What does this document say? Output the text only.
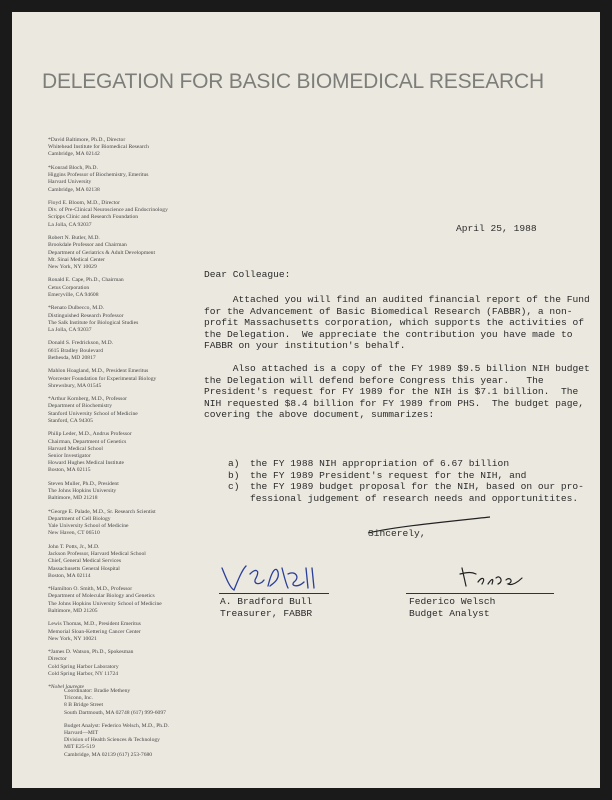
DELEGATION FOR BASIC BIOMEDICAL RESEARCH
*David Baltimore, Ph.D., Director
Whitehead Institute for Biomedical Research
Cambridge, MA 02142
*Konrad Bloch, Ph.D.
Higgins Professor of Biochemistry, Emeritus
Harvard University
Cambridge, MA 02138
Floyd E. Bloom, M.D., Director
Div. of Pre-Clinical Neuroscience and Endocrinology
Scripps Clinic and Research Foundation
La Jolla, CA 92037
Robert N. Butler, M.D.
Brookdale Professor and Chairman
Department of Geriatrics & Adult Development
Mt. Sinai Medical Center
New York, NY 10029
Ronald E. Cape, Ph.D., Chairman
Cetus Corporation
Emeryville, CA 94608
*Renato Dulbecco, M.D.
Distinguished Research Professor
The Salk Institute for Biological Studies
La Jolla, CA 92037
Donald S. Fredrickson, M.D.
6615 Bradley Boulevard
Bethesda, MD 20817
Mahlon Hoagland, M.D., President Emeritus
Worcester Foundation for Experimental Biology
Shrewsbury, MA 01545
*Arthur Kornberg, M.D., Professor
Department of Biochemistry
Stanford University School of Medicine
Stanford, CA 94305
Philip Leder, M.D., Andrus Professor
Chairman, Department of Genetics
Harvard Medical School
Senior Investigator
Howard Hughes Medical Institute
Boston, MA 02115
Steven Muller, Ph.D., President
The Johns Hopkins University
Baltimore, MD 21218
*George E. Palade, M.D., Sr. Research Scientist
Department of Cell Biology
Yale University School of Medicine
New Haven, CT 06510
John T. Potts, Jr., M.D.
Jackson Professor, Harvard Medical School
Chief, General Medical Services
Massachusetts General Hospital
Boston, MA 02114
*Hamilton O. Smith, M.D., Professor
Department of Molecular Biology and Genetics
The Johns Hopkins University School of Medicine
Baltimore, MD 21205
Lewis Thomas, M.D., President Emeritus
Memorial Sloan-Kettering Cancer Center
New York, NY 10021
*James D. Watson, Ph.D., Spokesman
Director
Cold Spring Harbor Laboratory
Cold Spring Harbor, NY 11724
*Nobel laureate
Coordinator: Bradie Metheny
Triconn, Inc.
8 B Bridge Street
South Dartmouth, MA 02748 (617) 999-6097
Budget Analyst: Federico Welsch, M.D., Ph.D.
Harvard—MIT
Division of Health Sciences & Technology
MIT E25-519
Cambridge, MA 02139 (617) 253-7680
April 25, 1988
Dear Colleague:
Attached you will find an audited financial report of the Fund
for the Advancement of Basic Biomedical Research (FABBR), a non-
profit Massachusetts corporation, which supports the activities of
the Delegation.  We appreciate the contribution you have made to
FABBR on your institution's behalf.
Also attached is a copy of the FY 1989 $9.5 billion NIH budget
the Delegation will defend before Congress this year.   The
President's request for FY 1989 for the NIH is $7.1 billion.  The
NIH requested $8.4 billion for FY 1989 from PHS.  The budget page,
covering the above document, summarizes:
a)	the FY 1988 NIH appropriation of 6.67 billion
b)	the FY 1989 President's request for the NIH, and
c)	the FY 1989 budget proposal for the NIH, based on our pro-
fessional judgement of research needs and opportunitites.
Sincerely,
A. Bradford Bull
Treasurer, FABBR
Federico Welsch
Budget Analyst
